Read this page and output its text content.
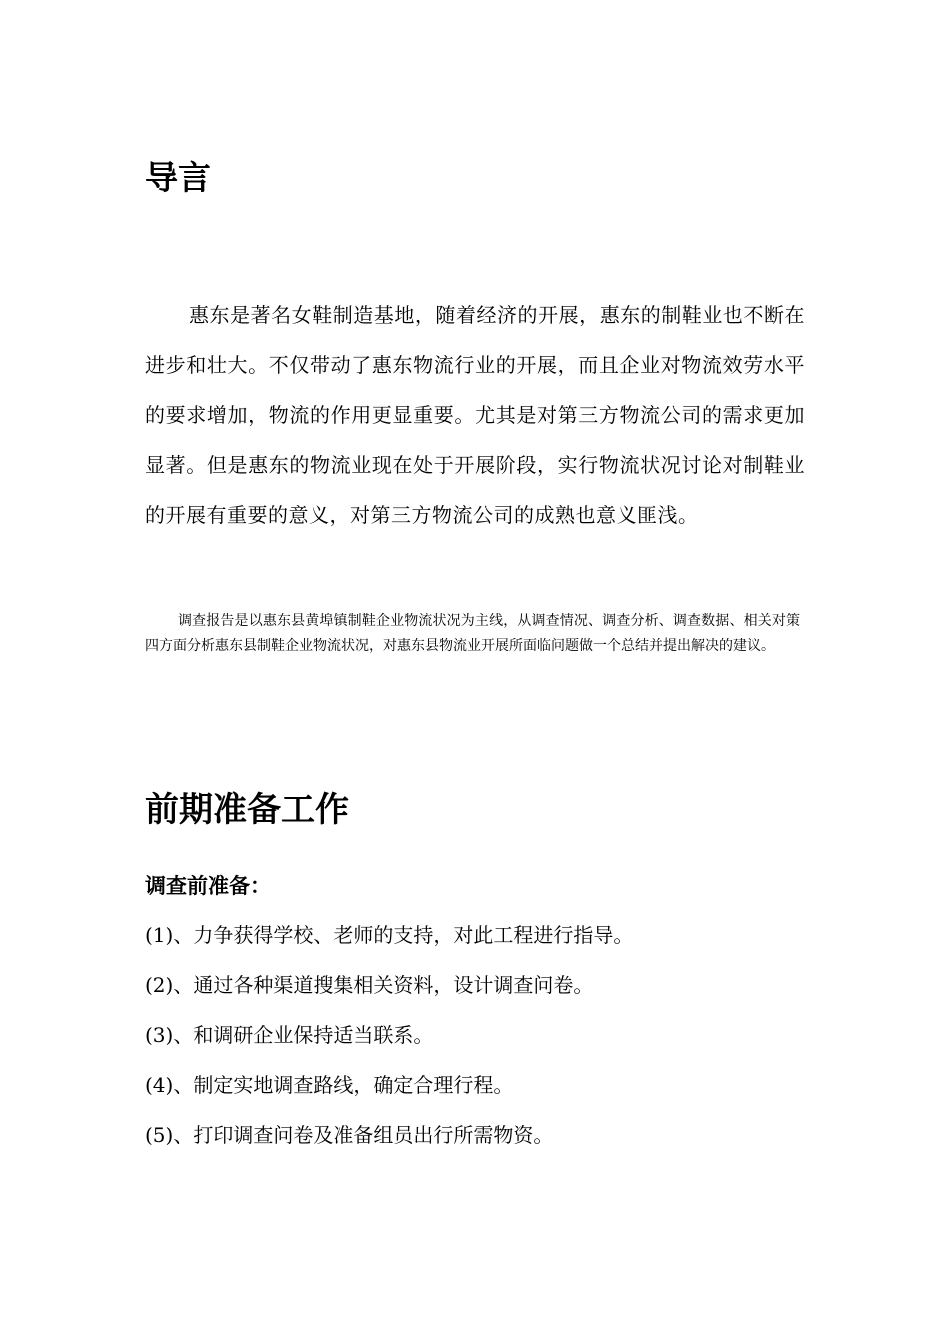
导言

惠东是著名女鞋制造基地，随着经济的开展，惠东的制鞋业也不断在进步和壮大。不仅带动了惠东物流行业的开展，而且企业对物流效劳水平的要求增加，物流的作用更显重要。尤其是对第三方物流公司的需求更加显著。但是惠东的物流业现在处于开展阶段，实行物流状况讨论对制鞋业的开展有重要的意义，对第三方物流公司的成熟也意义匪浅。

调查报告是以惠东县黄埠镇制鞋企业物流状况为主线，从调查情况、调查分析、调查数据、相关对策四方面分析惠东县制鞋企业物流状况，对惠东县物流业开展所面临问题做一个总结并提出解决的建议。

前期准备工作
调查前准备：
(1)、力争获得学校、老师的支持，对此工程进行指导。
(2)、通过各种渠道搜集相关资料，设计调查问卷。
(3)、和调研企业保持适当联系。
(4)、制定实地调查路线，确定合理行程。
(5)、打印调查问卷及准备组员出行所需物资。
